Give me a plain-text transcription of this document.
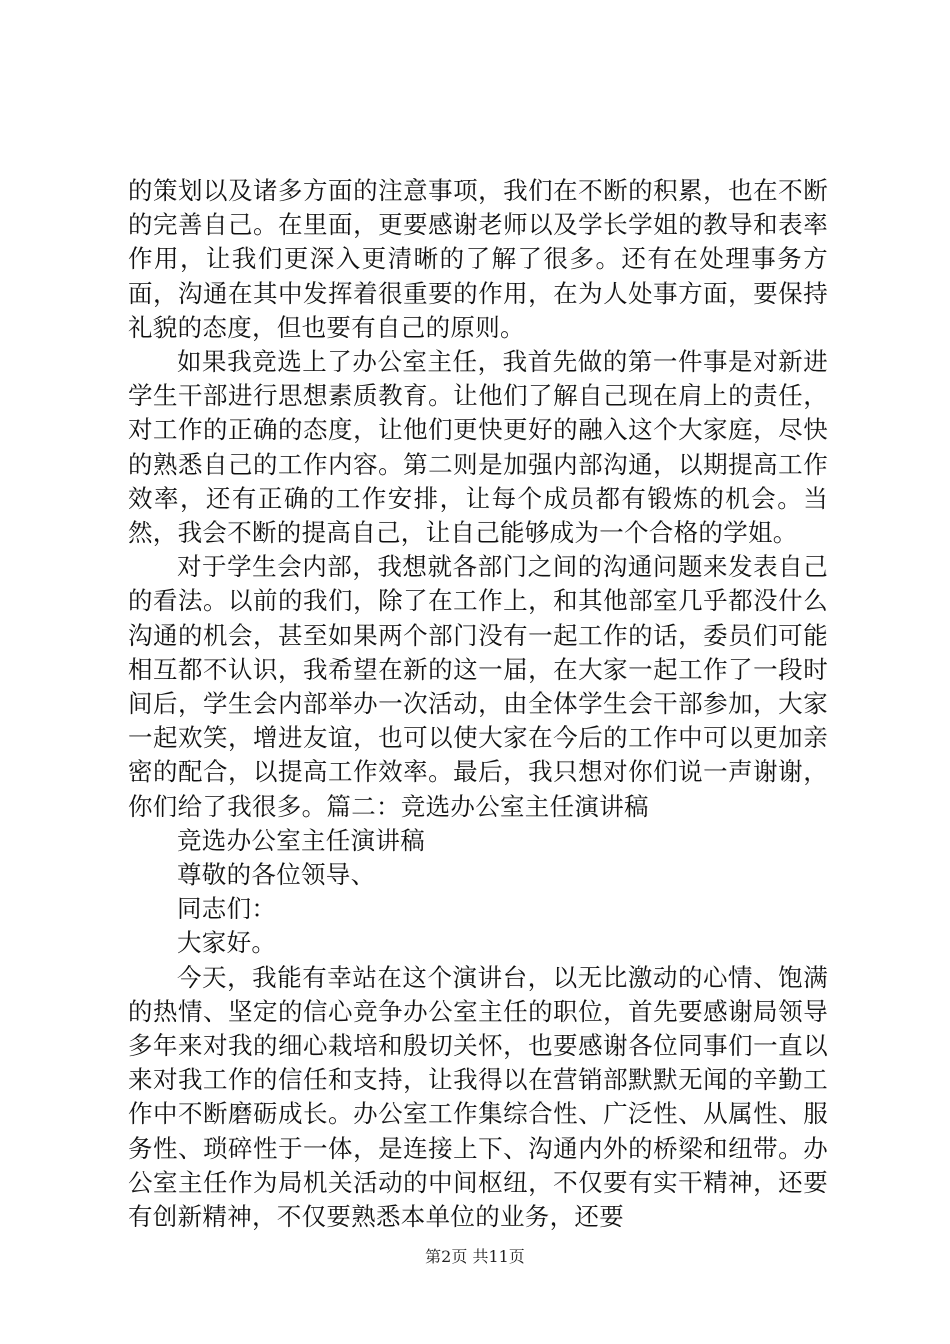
的策划以及诸多方面的注意事项，我们在不断的积累，也在不断的完善自己。在里面，更要感谢老师以及学长学姐的教导和表率作用，让我们更深入更清晰的了解了很多。还有在处理事务方面，沟通在其中发挥着很重要的作用，在为人处事方面，要保持礼貌的态度，但也要有自己的原则。

如果我竞选上了办公室主任，我首先做的第一件事是对新进学生干部进行思想素质教育。让他们了解自己现在肩上的责任，对工作的正确的态度，让他们更快更好的融入这个大家庭，尽快的熟悉自己的工作内容。第二则是加强内部沟通，以期提高工作效率，还有正确的工作安排，让每个成员都有锻炼的机会。当然，我会不断的提高自己，让自己能够成为一个合格的学姐。

对于学生会内部，我想就各部门之间的沟通问题来发表自己的看法。以前的我们，除了在工作上，和其他部室几乎都没什么沟通的机会，甚至如果两个部门没有一起工作的话，委员们可能相互都不认识，我希望在新的这一届，在大家一起工作了一段时间后，学生会内部举办一次活动，由全体学生会干部参加，大家一起欢笑，增进友谊，也可以使大家在今后的工作中可以更加亲密的配合，以提高工作效率。最后，我只想对你们说一声谢谢，你们给了我很多。篇二：竞选办公室主任演讲稿

竞选办公室主任演讲稿

尊敬的各位领导、

同志们：

大家好。

今天，我能有幸站在这个演讲台，以无比激动的心情、饱满的热情、坚定的信心竞争办公室主任的职位，首先要感谢局领导多年来对我的细心栽培和殷切关怀，也要感谢各位同事们一直以来对我工作的信任和支持，让我得以在营销部默默无闻的辛勤工作中不断磨砺成长。办公室工作集综合性、广泛性、从属性、服务性、琐碎性于一体，是连接上下、沟通内外的桥梁和纽带。办公室主任作为局机关活动的中间枢纽，不仅要有实干精神，还要有创新精神，不仅要熟悉本单位的业务，还要

第2页 共11页
